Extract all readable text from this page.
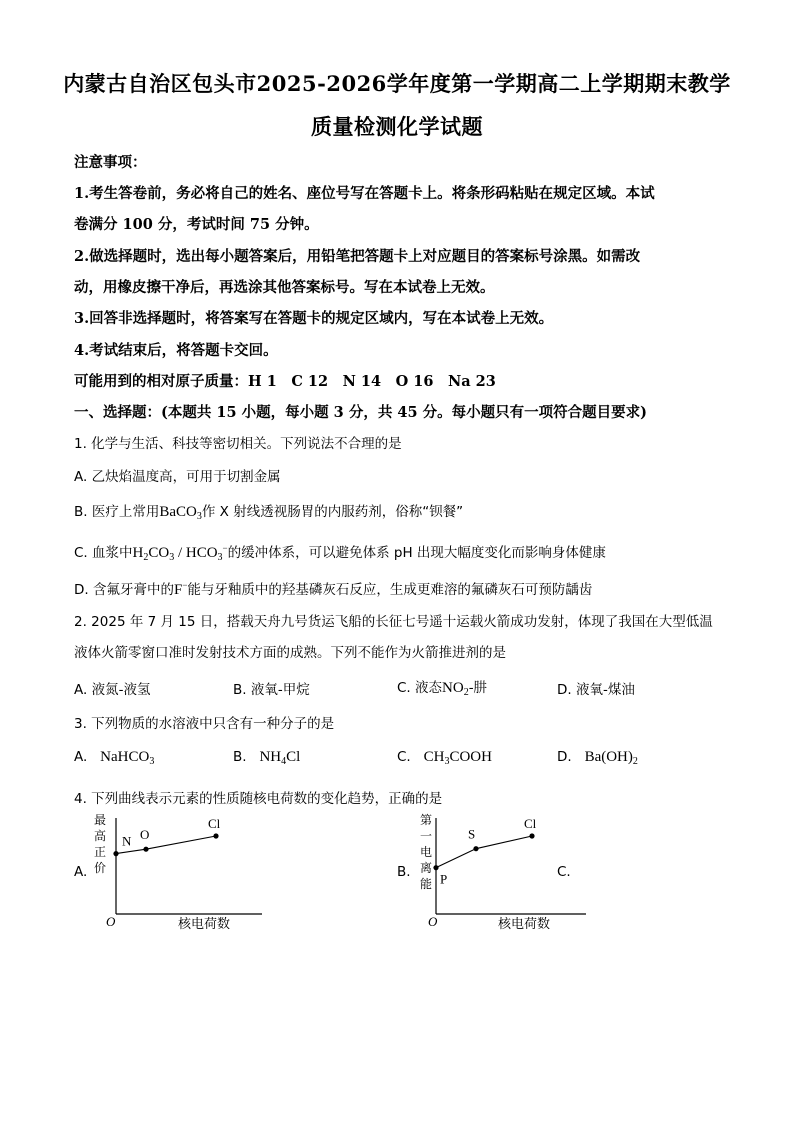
内蒙古自治区包头市2025-2026学年度第一学期高二上学期期末教学
质量检测化学试题
注意事项：
1.考生答卷前，务必将自己的姓名、座位号写在答题卡上。将条形码粘贴在规定区域。本试
卷满分 100 分，考试时间 75 分钟。
2.做选择题时，选出每小题答案后，用铅笔把答题卡上对应题目的答案标号涂黑。如需改
动，用橡皮擦干净后，再选涂其他答案标号。写在本试卷上无效。
3.回答非选择题时，将答案写在答题卡的规定区域内，写在本试卷上无效。
4.考试结束后，将答题卡交回。
可能用到的相对原子质量：H 1　C 12　N 14　O 16　Na 23
一、选择题：(本题共 15 小题，每小题 3 分，共 45 分。每小题只有一项符合题目要求)
1. 化学与生活、科技等密切相关。下列说法不合理的是
A. 乙炔焰温度高，可用于切割金属
B. 医疗上常用BaCO$_3$作 X 射线透视肠胃的内服药剂，俗称“钡餐”
C. 血浆中$H_2CO_3 / HCO_3^-$的缓冲体系，可以避免体系 pH 出现大幅度变化而影响身体健康
D. 含氟牙膏中的F−能与牙釉质中的羟基磷灰石反应，生成更难溶的氟磷灰石可预防龋齿
2. 2025 年 7 月 15 日，搭载天舟九号货运飞船的长征七号遥十运载火箭成功发射，体现了我国在大型低温
液体火箭零窗口准时发射技术方面的成熟。下列不能作为火箭推进剂的是
A. 液氮-液氢	B. 液氧-甲烷	C. 液态$NO_2-$肼	D. 液氧-煤油
3. 下列物质的水溶液中只含有一种分子的是
A. NaHCO$_3$	B. $NH_4Cl$	C. $CH_3COOH$	D. $Ba(OH)_2$
4. 下列曲线表示元素的性质随核电荷数的变化趋势，正确的是
A.	B.	C.
最
高
正
价
O	核电荷数
N O
Cl	第
一
电
离
能
O	核电荷数
P
S
Cl
